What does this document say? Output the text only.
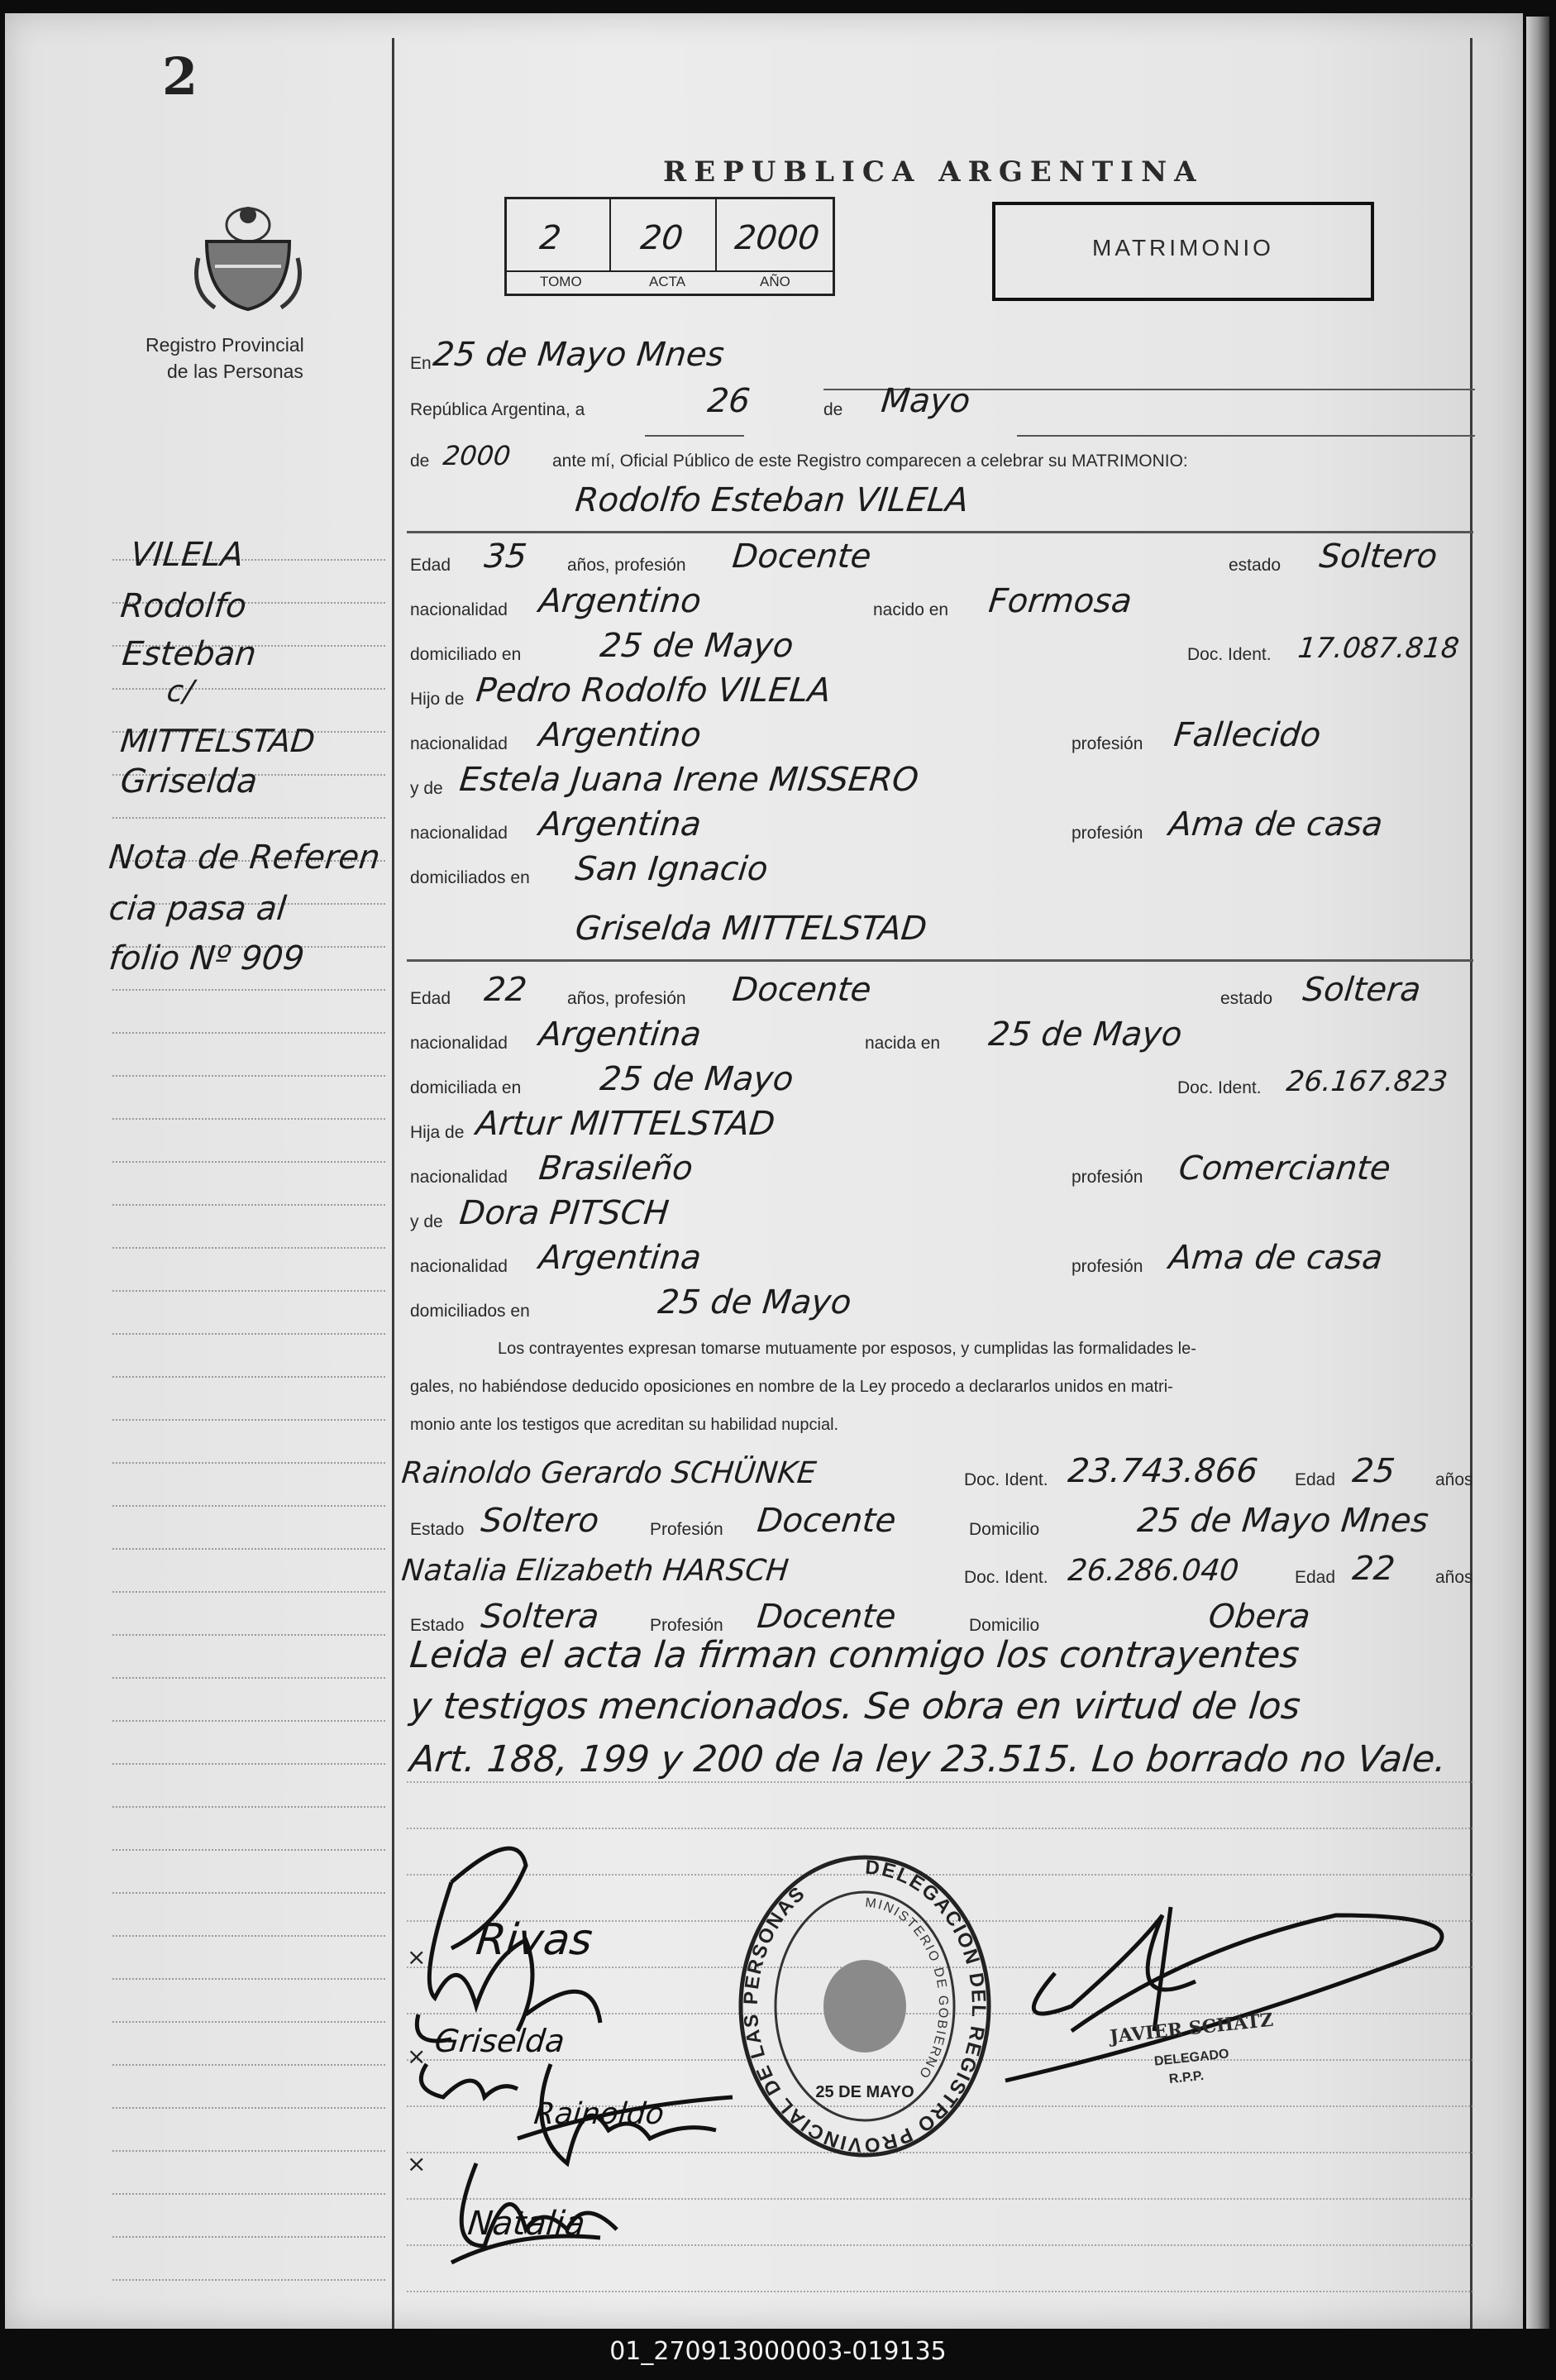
2
Registro Provincial
de las Personas
VILELA
Rodolfo
Esteban
c/
MITTELSTAD
Griselda
Nota de Referen
cia pasa al
folio Nº 909
REPUBLICA ARGENTINA
2 20 2000
TOMO	ACTA	AÑO
MATRIMONIO
En 25 de Mayo Mnes
República Argentina, a	26	de Mayo
de 2000 ante mí, Oficial Público de este Registro comparecen a celebrar su MATRIMONIO:
Rodolfo Esteban VILELA
Edad 35 años, profesión Docente	estado Soltero
nacionalidad Argentino	nacido en Formosa
domiciliado en 25 de Mayo	Doc. Ident. 17.087.818
Hijo de Pedro Rodolfo VILELA
nacionalidad Argentino	profesión Fallecido
y de Estela Juana Irene MISSERO
nacionalidad Argentina	profesión Ama de casa
domiciliados en San Ignacio
Griselda MITTELSTAD
Edad 22 años, profesión Docente	estado Soltera
nacionalidad Argentina	nacida en 25 de Mayo
domiciliada en 25 de Mayo	Doc. Ident. 26.167.823
Hija de Artur MITTELSTAD
nacionalidad Brasileño	profesión Comerciante
y de Dora PITSCH
nacionalidad Argentina	profesión Ama de casa
domiciliados en	25 de Mayo
Los contrayentes expresan tomarse mutuamente por esposos, y cumplidas las formalidades le-
gales, no habiéndose deducido oposiciones en nombre de la Ley procedo a declararlos unidos en matri-
monio ante los testigos que acreditan su habilidad nupcial.
Rainoldo Gerardo SCHÜNKE	Doc. Ident. 23.743.866 Edad 25 años
Estado Soltero	Profesión Docente	Domicilio	25 de Mayo Mnes
Natalia Elizabeth HARSCH	Doc. Ident. 26.286.040	Edad 22 años
Estado Soltera	Profesión Docente	Domicilio	Obera
Leida el acta la firman conmigo los contrayentes
y testigos mencionados. Se obra en virtud de los
Art. 188, 199 y 200 de la ley 23.515. Lo borrado no Vale.
×
×
×
Rivas
Griselda
Rainoldo
Natalia
DELEGACION DEL REGISTRO PROVINCIAL DE LAS PERSONAS	MINISTERIO DE GOBIERNO
25 DE MAYO
JAVIER SCHATZ
DELEGADO
R.P.P.
01_270913000003-019135
